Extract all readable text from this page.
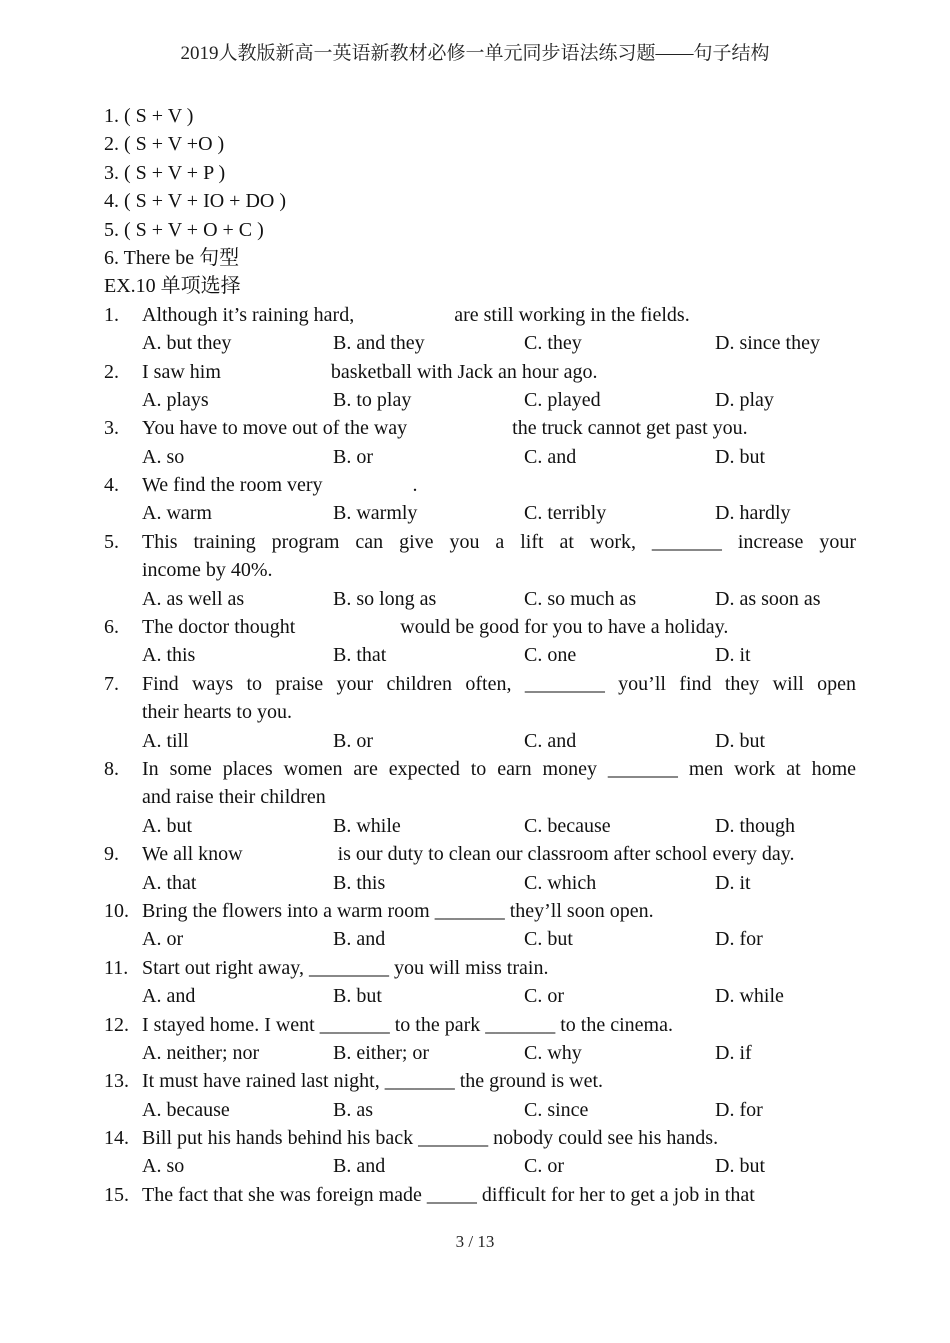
2019人教版新高一英语新教材必修一单元同步语法练习题——句子结构
1. ( S + V )
2. ( S + V +O )
3. ( S + V + P )
4. ( S + V + IO + DO )
5. ( S + V + O + C )
6. There be 句型
EX.10 单项选择
1. Although it’s raining hard,                    are still working in the fields.
A. but they	B. and they	C. they	D. since they
2. I saw him                      basketball with Jack an hour ago.
A. plays	B. to play	C. played	D. play
3. You have to move out of the way                     the truck cannot get past you.
A. so	B. or	C. and	D. but
4. We find the room very                  .
A. warm	B. warmly	C. terribly	D. hardly
5. This training program can give you a lift at work, _______ increase your
income by 40%.
A. as well as	B. so long as	C. so much as	D. as soon as
6. The doctor thought                     would be good for you to have a holiday.
A. this	B. that	C. one	D. it
7. Find ways to praise your children often, ________ you’ll find they will open
their hearts to you.
A. till	B. or	C. and	D. but
8. In some places women are expected to earn money _______ men work at home
and raise their children
A. but	B. while	C. because	D. though
9. We all know                   is our duty to clean our classroom after school every day.
A. that	B. this	C. which	D. it
10. Bring the flowers into a warm room _______ they’ll soon open.
A. or	B. and	C. but	D. for
11. Start out right away, ________ you will miss train.
A. and	B. but	C. or	D. while
12. I stayed home. I went _______ to the park _______ to the cinema.
A. neither; nor	B. either; or	C. why	D. if
13. It must have rained last night, _______ the ground is wet.
A. because	B. as	C. since	D. for
14. Bill put his hands behind his back _______ nobody could see his hands.
A. so	B. and	C. or	D. but
15. The fact that she was foreign made _____ difficult for her to get a job in that
3 / 13
